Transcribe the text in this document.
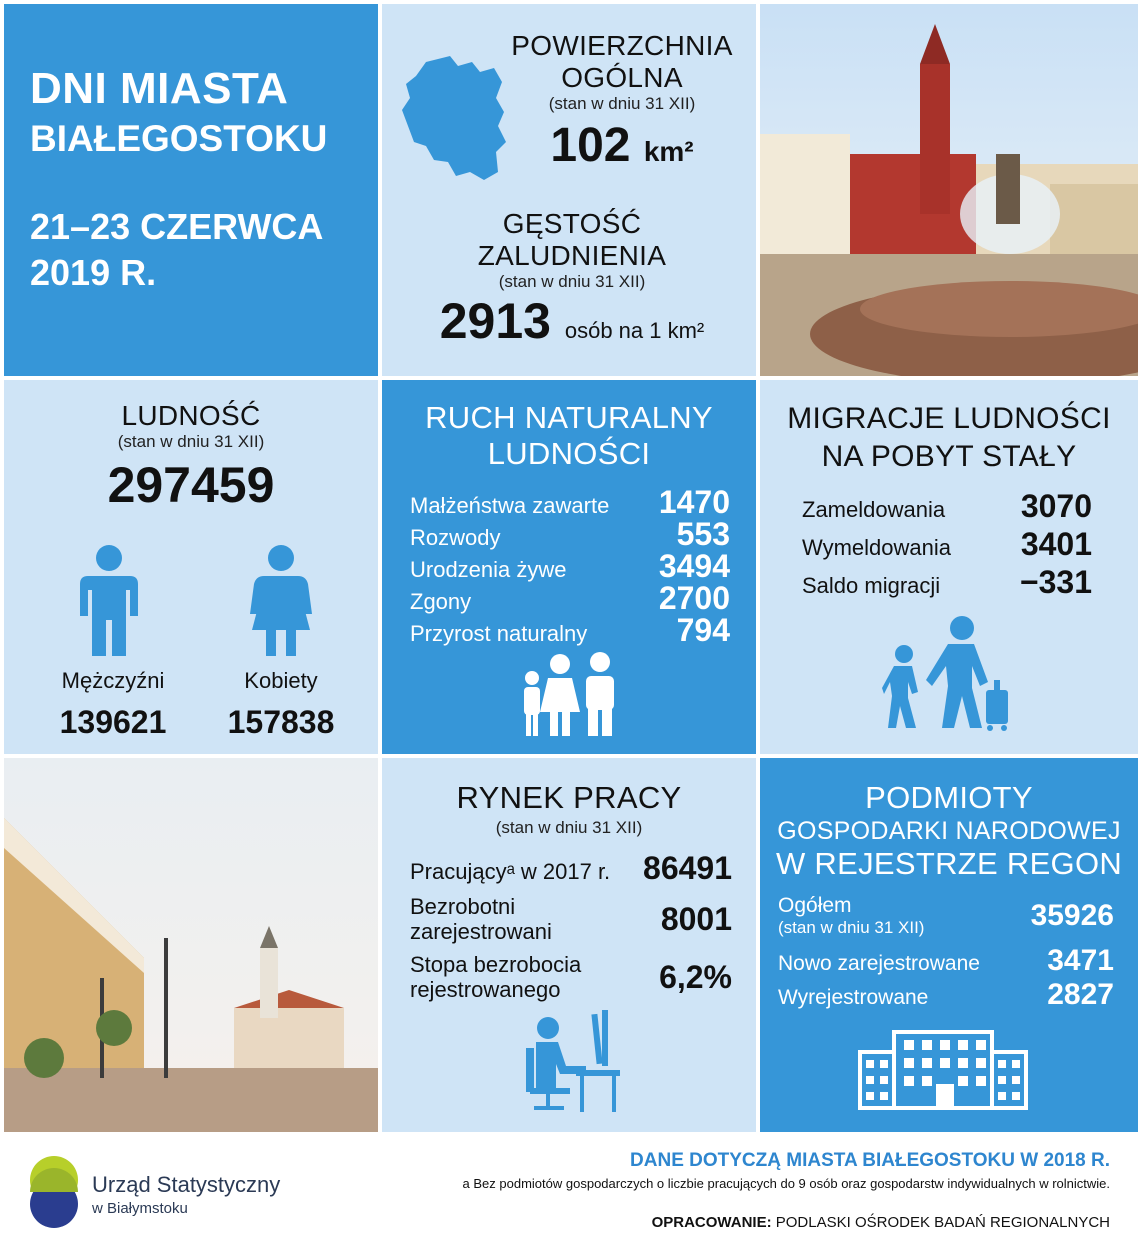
DNI MIASTA
BIAŁEGOSTOKU
21–23 CZERWCA
2019 R.
POWIERZCHNIA
OGÓLNA
(stan w dniu 31 XII)
102 km²
GĘSTOŚĆ
ZALUDNIENIA
(stan w dniu 31 XII)
2913 osób na 1 km²
LUDNOŚĆ
(stan w dniu 31 XII)
297459
Mężczyźni
139621
Kobiety
157838
RUCH NATURALNY
LUDNOŚCI
Małżeństwa zawarte 1470
Rozwody	553
Urodzenia żywe	3494
Zgony	2700
Przyrost naturalny	794
MIGRACJE LUDNOŚCI
NA POBYT STAŁY
Zameldowania 3070
Wymeldowania 3401
Saldo migracji −331
RYNEK PRACY
(stan w dniu 31 XII)
Pracującyᵃ w 2017 r. 86491
Bezrobotni
zarejestrowani	8001
Stopa bezrobocia
rejestrowanego	6,2%
PODMIOTY
GOSPODARKI NARODOWEJ
W REJESTRZE REGON
Ogółem
(stan w dniu 31 XII)	35926
Nowo zarejestrowane 3471
Wyrejestrowane	2827
Urząd Statystyczny
w Białymstoku
DANE DOTYCZĄ MIASTA BIAŁEGOSTOKU W 2018 R.
a Bez podmiotów gospodarczych o liczbie pracujących do 9 osób oraz gospodarstw indywidualnych w rolnictwie.
OPRACOWANIE: PODLASKI OŚRODEK BADAŃ REGIONALNYCH
